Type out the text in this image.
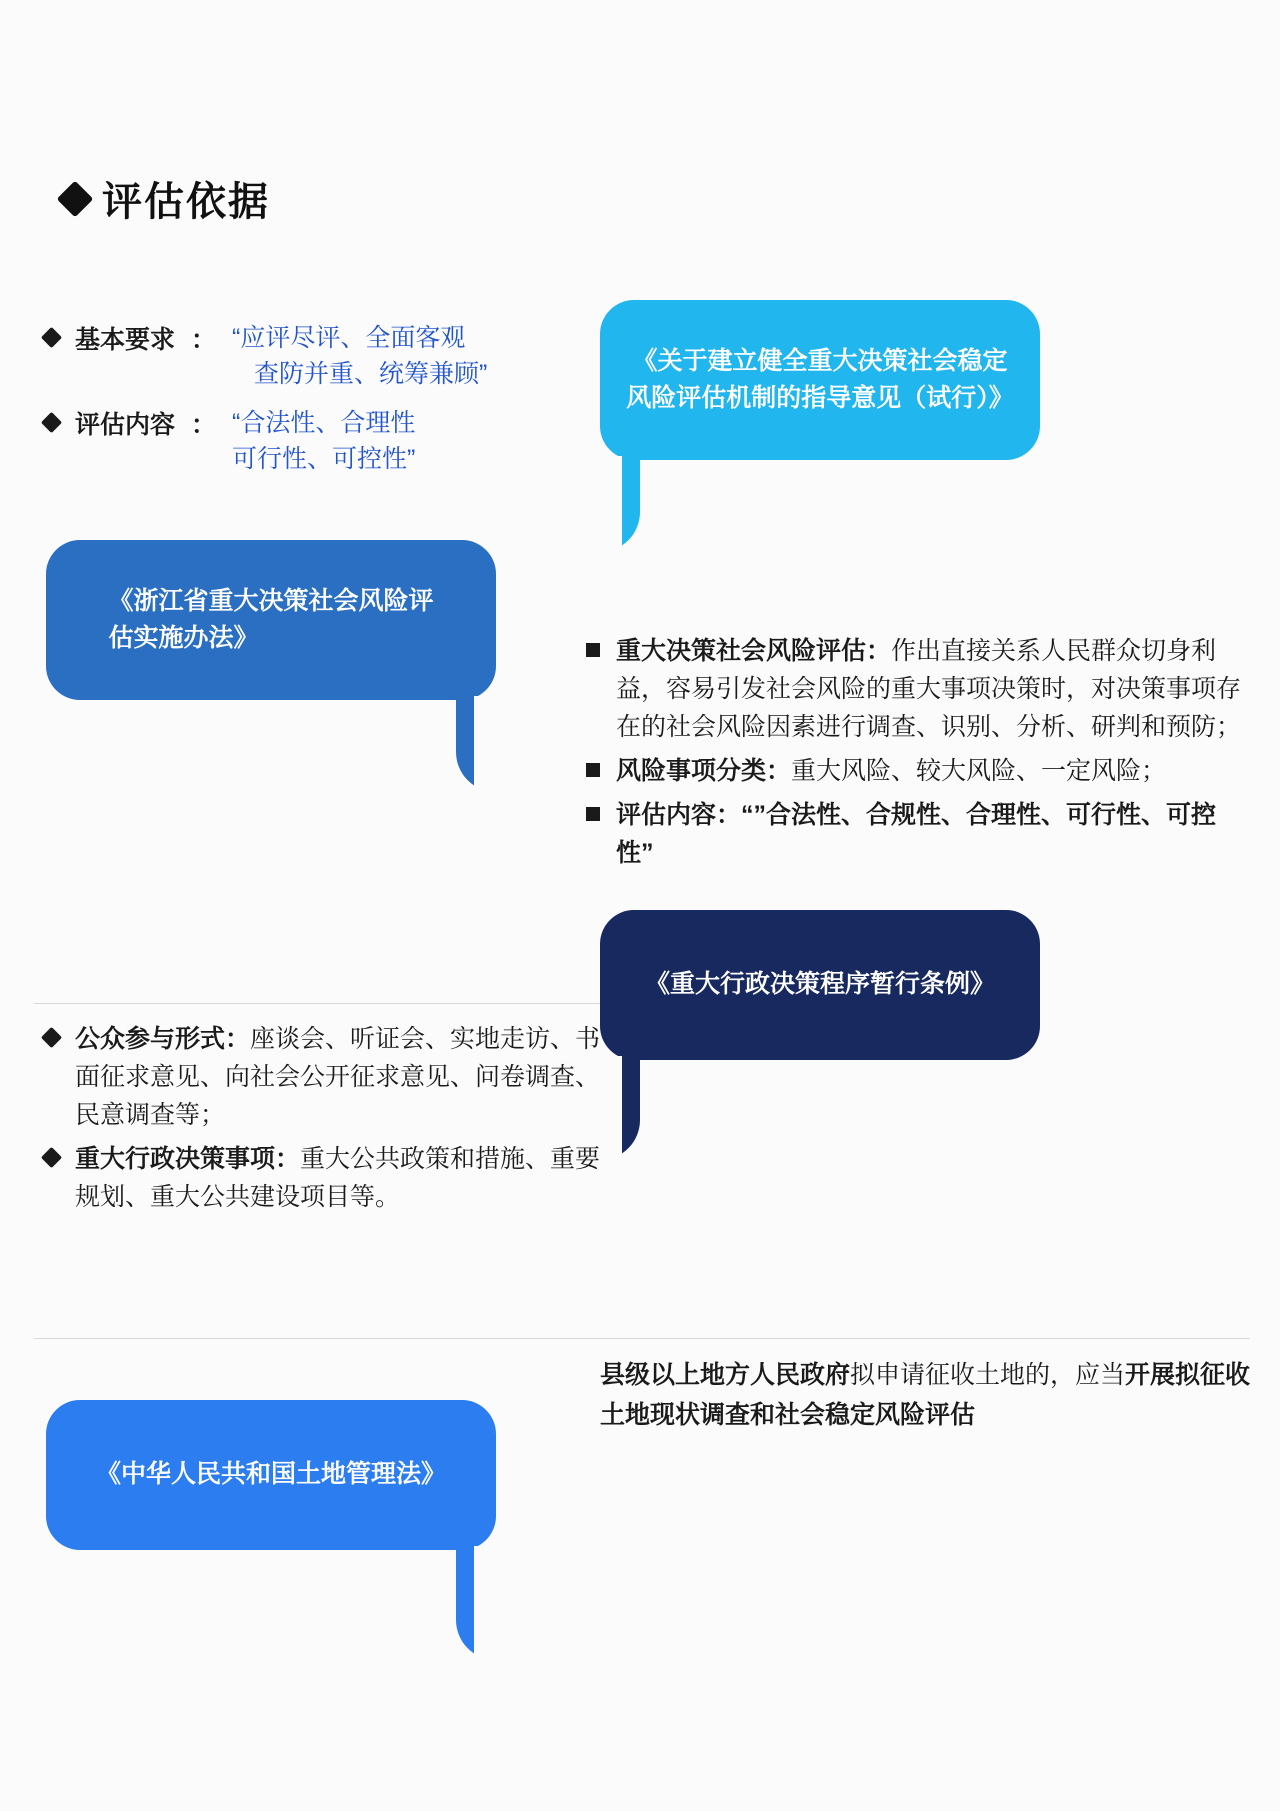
评估依据
基本要求 ： “应评尽评、全面客观
查防并重、统筹兼顾”
评估内容 ： “合法性、合理性
可行性、可控性”
《关于建立健全重大决策社会稳定
风险评估机制的指导意见（试行）》
《浙江省重大决策社会风险评
估实施办法》	重大决策社会风险评估：作出直接关系人民群众切身利益，容易引发社会风险的重大事项决策时，对决策事项存在的社会风险因素进行调查、识别、分析、研判和预防；
风险事项分类：重大风险、较大风险、一定风险；
评估内容：“”合法性、合规性、合理性、可行性、可控性”
公众参与形式：座谈会、听证会、实地走访、书面征求意见、向社会公开征求意见、问卷调查、民意调查等；
重大行政决策事项：重大公共政策和措施、重要规划、重大公共建设项目等。
《重大行政决策程序暂行条例》
《中华人民共和国土地管理法》
县级以上地方人民政府拟申请征收土地的，应当开展拟征收土地现状调查和社会稳定风险评估
